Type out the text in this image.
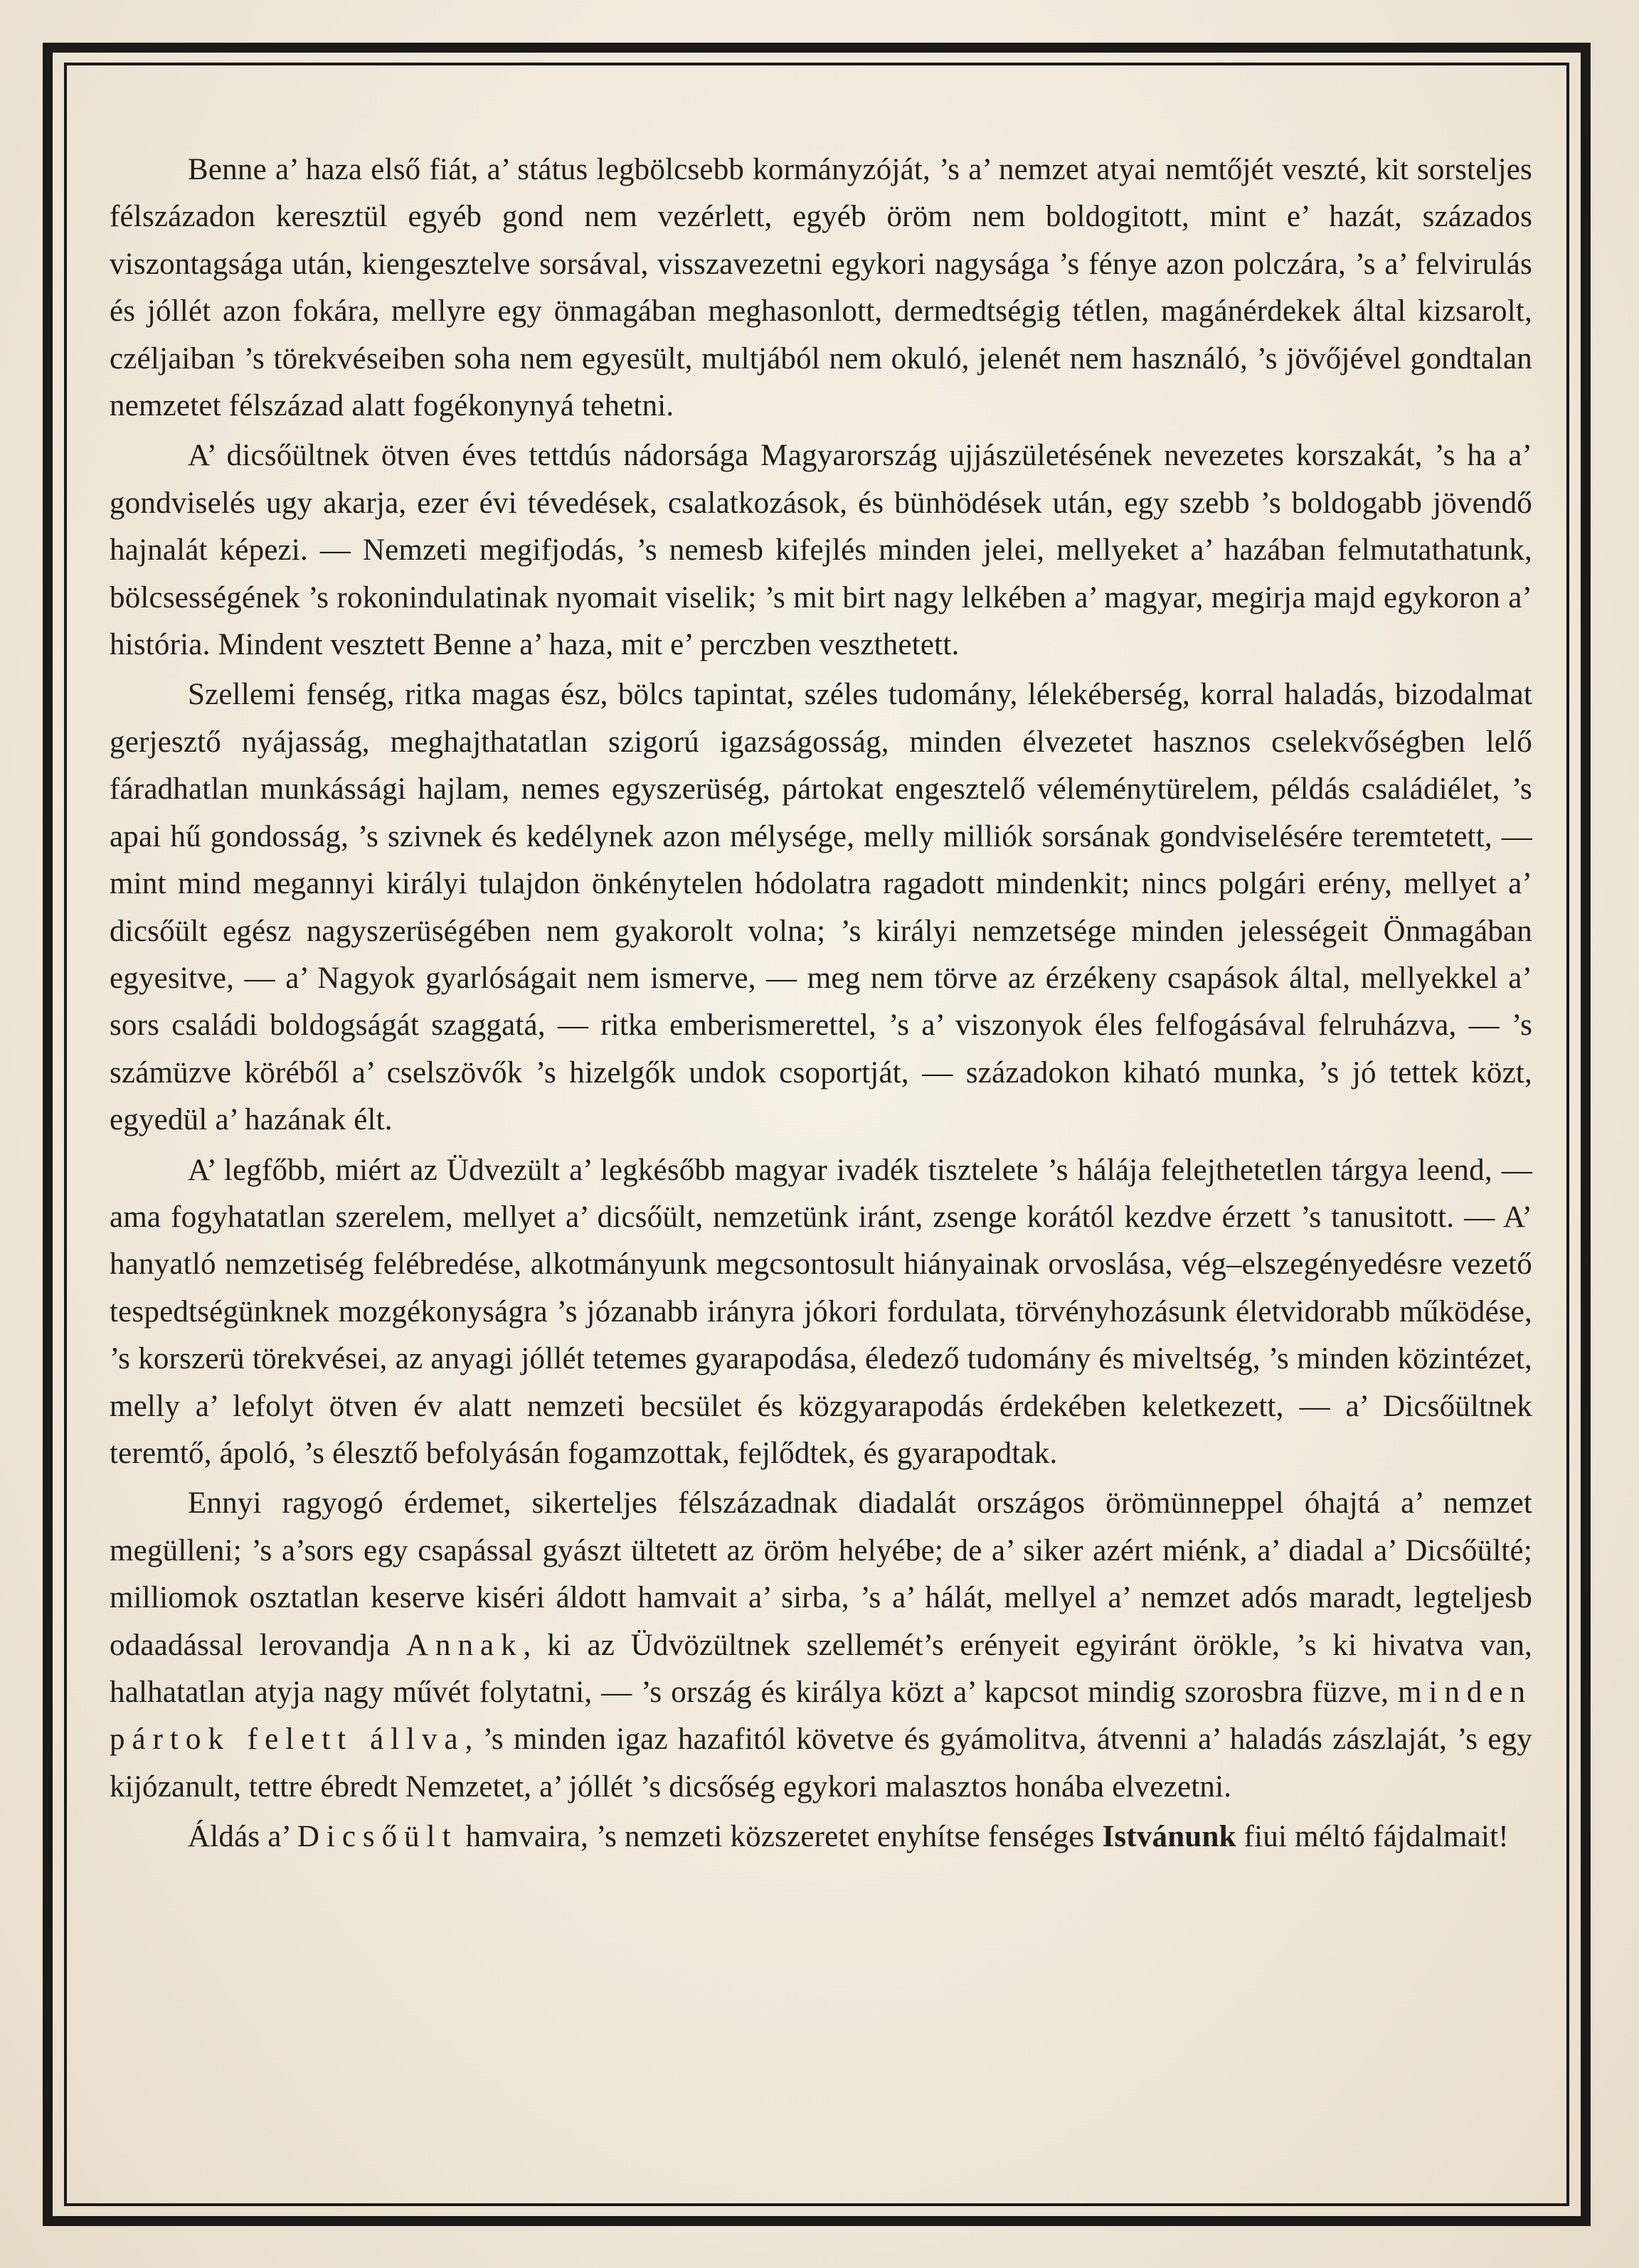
Benne a’ haza első fiát, a’ státus legbölcsebb kormányzóját, ’s a’ nemzet atyai nemtőjét veszté, kit sorsteljes félszázadon keresztül egyéb gond nem vezérlett, egyéb öröm nem boldogitott, mint e’ hazát, százados viszontagsága után, kiengesztelve sorsával, visszavezetni egykori nagysága ’s fénye azon polczára, ’s a’ felvirulás és jóllét azon fokára, mellyre egy önmagában meghasonlott, dermedtségig tétlen, magánérdekek által kizsarolt, czéljaiban ’s törekvéseiben soha nem egyesült, multjából nem okuló, jelenét nem használó, ’s jövőjével gondtalan nemzetet félszázad alatt fogékonynyá tehetni.

A’ dicsőültnek ötven éves tettdús nádorsága Magyarország ujjászületésének nevezetes korszakát, ’s ha a’ gondviselés ugy akarja, ezer évi tévedések, csalatkozások, és bünhödések után, egy szebb ’s boldogabb jövendő hajnalát képezi. — Nemzeti megifjodás, ’s nemesb kifejlés minden jelei, mellyeket a’ hazában felmutathatunk, bölcsességének ’s rokonindulatinak nyomait viselik; ’s mit birt nagy lelkében a’ magyar, megirja majd egykoron a’ história. Mindent vesztett Benne a’ haza, mit e’ perczben veszthetett.

Szellemi fenség, ritka magas ész, bölcs tapintat, széles tudomány, lélekéberség, korral haladás, bizodalmat gerjesztő nyájasság, meghajthatatlan szigorú igazságosság, minden élvezetet hasznos cselekvőségben lelő fáradhatlan munkássági hajlam, nemes egyszerüség, pártokat engesztelő véleménytürelem, példás családiélet, ’s apai hű gondosság, ’s szivnek és kedélynek azon mélysége, melly milliók sorsának gondviselésére teremtetett, — mint mind megannyi királyi tulajdon önkénytelen hódolatra ragadott mindenkit; nincs polgári erény, mellyet a’ dicsőült egész nagyszerüségében nem gyakorolt volna; ’s királyi nemzetsége minden jelességeit Önmagában egyesitve, — a’ Nagyok gyarlóságait nem ismerve, — meg nem törve az érzékeny csapások által, mellyekkel a’ sors családi boldogságát szaggatá, — ritka emberismerettel, ’s a’ viszonyok éles felfogásával felruházva, — ’s számüzve köréből a’ cselszövők ’s hizelgők undok csoportját, — századokon kiható munka, ’s jó tettek közt, egyedül a’ hazának élt.

A’ legfőbb, miért az Üdvezült a’ legkésőbb magyar ivadék tisztelete ’s hálája felejthetetlen tárgya leend, — ama fogyhatatlan szerelem, mellyet a’ dicsőült, nemzetünk iránt, zsenge korától kezdve érzett ’s tanusitott. — A’ hanyatló nemzetiség felébredése, alkotmányunk megcsontosult hiányainak orvoslása, vég–elszegényedésre vezető tespedtségünknek mozgékonyságra ’s józanabb irányra jókori fordulata, törvényhozásunk életvidorabb működése, ’s korszerü törekvései, az anyagi jóllét tetemes gyarapodása, éledező tudomány és miveltség, ’s minden közintézet, melly a’ lefolyt ötven év alatt nemzeti becsület és közgyarapodás érdekében keletkezett, — a’ Dicsőültnek teremtő, ápoló, ’s élesztő befolyásán fogamzottak, fejlődtek, és gyarapodtak.

Ennyi ragyogó érdemet, sikerteljes félszázadnak diadalát országos örömünneppel óhajtá a’ nemzet megülleni; ’s a’sors egy csapással gyászt ültetett az öröm helyébe; de a’ siker azért miénk, a’ diadal a’ Dicsőülté; milliomok osztatlan keserve kiséri áldott hamvait a’ sirba, ’s a’ hálát, mellyel a’ nemzet adós maradt, legteljesb odaadással lerovandja Annak, ki az Üdvözültnek szellemét’s erényeit egyiránt örökle, ’s ki hivatva van, halhatatlan atyja nagy művét folytatni, — ’s ország és királya közt a’ kapcsot mindig szorosbra füzve, minden pártok felett állva, ’s minden igaz hazafitól követve és gyámolitva, átvenni a’ haladás zászlaját, ’s egy kijózanult, tettre ébredt Nemzetet, a’ jóllét ’s dicsőség egykori malasztos honába elvezetni.

Áldás a’ Dicsőült hamvaira, ’s nemzeti közszeretet enyhítse fenséges Istvánunk fiui méltó fájdalmait!
